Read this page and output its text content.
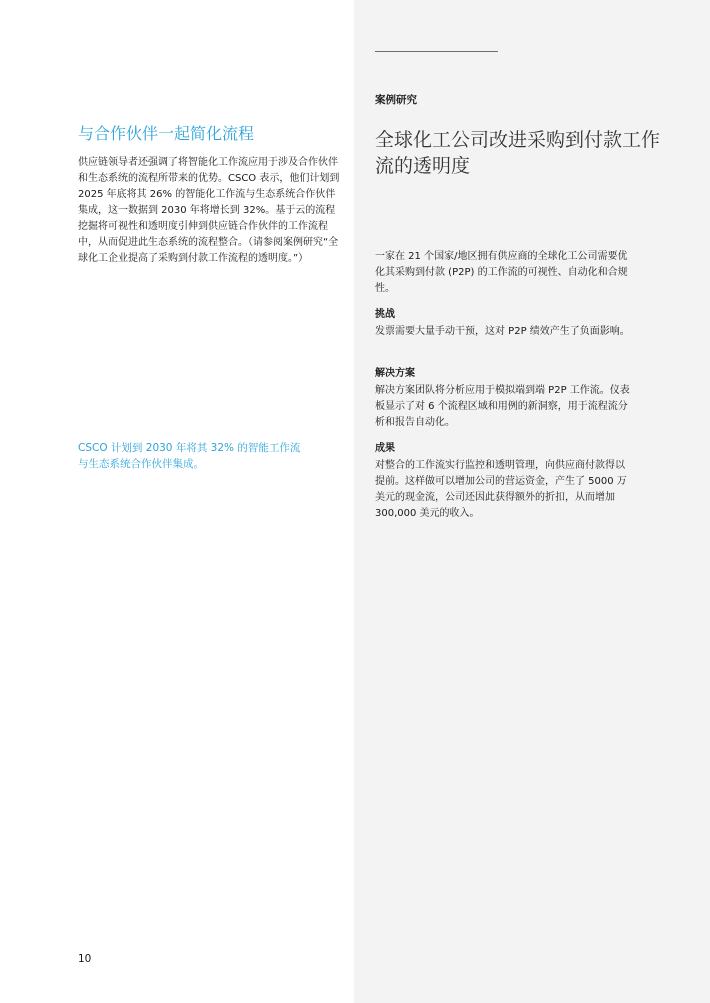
与合作伙伴一起简化流程

供应链领导者还强调了将智能化工作流应用于涉及合作伙伴和生态系统的流程所带来的优势。CSCO 表示，他们计划到 2025 年底将其 26% 的智能化工作流与生态系统合作伙伴集成，这一数据到 2030 年将增长到 32%。基于云的流程挖掘将可视性和透明度引伸到供应链合作伙伴的工作流程中，从而促进此生态系统的流程整合。（请参阅案例研究“全球化工企业提高了采购到付款工作流程的透明度。”）

CSCO 计划到 2030 年将其 32% 的智能工作流与生态系统合作伙伴集成。

10
案例研究
全球化工公司改进采购到付款工作流的透明度

一家在 21 个国家/地区拥有供应商的全球化工公司需要优化其采购到付款 (P2P) 的工作流的可视性、自动化和合规性。

挑战

发票需要大量手动干预，这对 P2P 绩效产生了负面影响。

解决方案

解决方案团队将分析应用于模拟端到端 P2P 工作流。仪表板显示了对 6 个流程区域和用例的新洞察，用于流程流分析和报告自动化。

成果

对整合的工作流实行监控和透明管理，向供应商付款得以提前。这样做可以增加公司的营运资金，产生了 5000 万美元的现金流，公司还因此获得额外的折扣，从而增加 300,000 美元的收入。
